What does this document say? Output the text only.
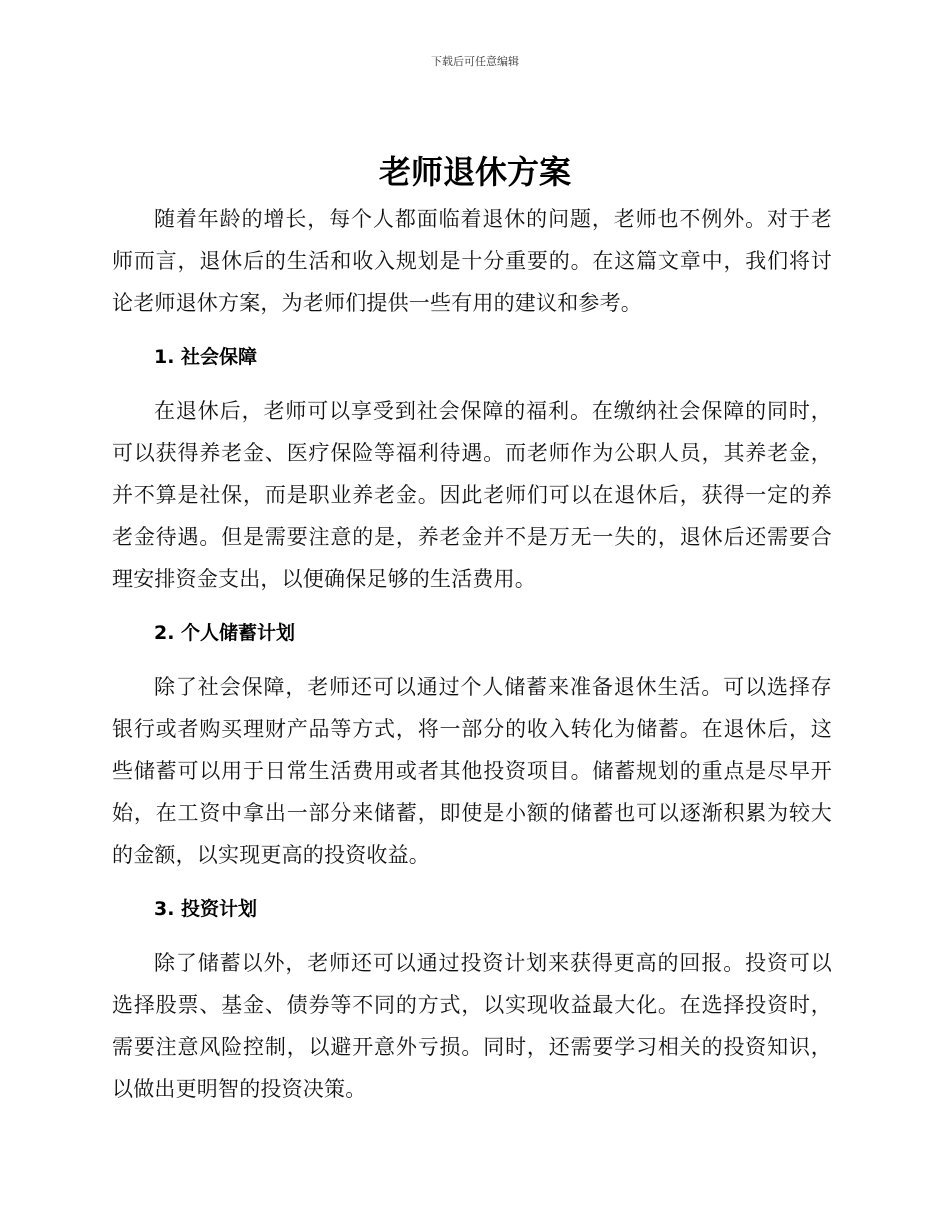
下载后可任意编辑
老师退休方案

随着年龄的增长，每个人都面临着退休的问题，老师也不例外。对于老师而言，退休后的生活和收入规划是十分重要的。在这篇文章中，我们将讨论老师退休方案，为老师们提供一些有用的建议和参考。

1. 社会保障

在退休后，老师可以享受到社会保障的福利。在缴纳社会保障的同时，可以获得养老金、医疗保险等福利待遇。而老师作为公职人员，其养老金，并不算是社保，而是职业养老金。因此老师们可以在退休后，获得一定的养老金待遇。但是需要注意的是，养老金并不是万无一失的，退休后还需要合理安排资金支出，以便确保足够的生活费用。

2. 个人储蓄计划

除了社会保障，老师还可以通过个人储蓄来准备退休生活。可以选择存银行或者购买理财产品等方式，将一部分的收入转化为储蓄。在退休后，这些储蓄可以用于日常生活费用或者其他投资项目。储蓄规划的重点是尽早开始，在工资中拿出一部分来储蓄，即使是小额的储蓄也可以逐渐积累为较大的金额，以实现更高的投资收益。

3. 投资计划

除了储蓄以外，老师还可以通过投资计划来获得更高的回报。投资可以选择股票、基金、债券等不同的方式，以实现收益最大化。在选择投资时，需要注意风险控制，以避开意外亏损。同时，还需要学习相关的投资知识，以做出更明智的投资决策。
